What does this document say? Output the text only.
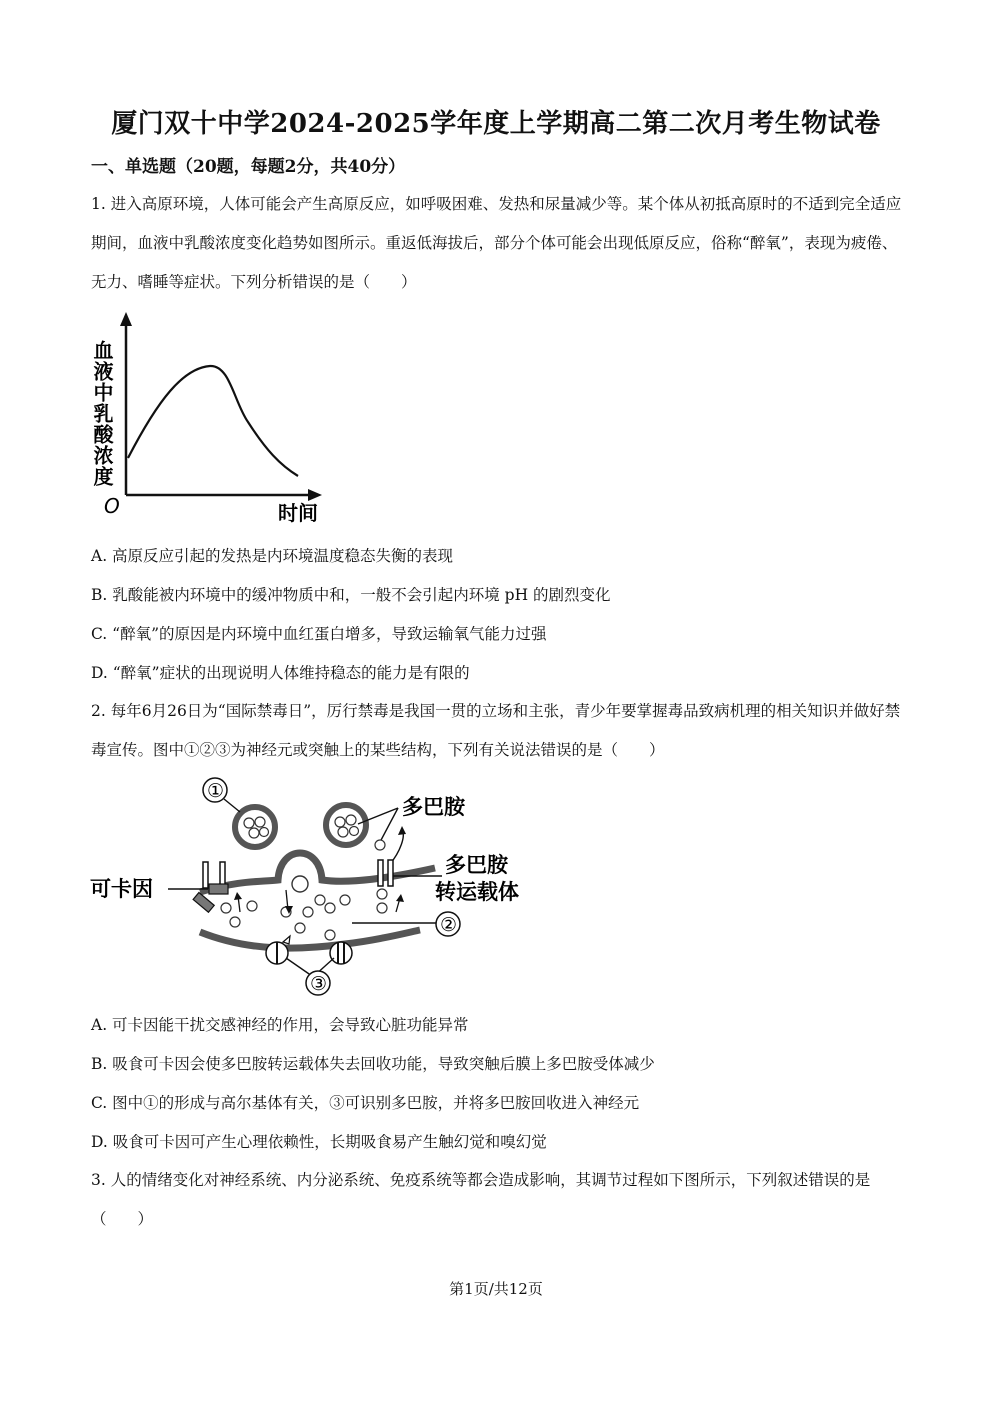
厦门双十中学2024-2025学年度上学期高二第二次月考生物试卷
一、单选题（20题，每题2分，共40分）
1. 进入高原环境，人体可能会产生高原反应，如呼吸困难、发热和尿量减少等。某个体从初抵高原时的不适到完全适应期间，血液中乳酸浓度变化趋势如图所示。重返低海拔后，部分个体可能会出现低原反应，俗称“醉氧”，表现为疲倦、无力、嗜睡等症状。下列分析错误的是（　　）
血液中乳酸浓度
O	时间
A. 高原反应引起的发热是内环境温度稳态失衡的表现
B. 乳酸能被内环境中的缓冲物质中和，一般不会引起内环境 pH 的剧烈变化
C. “醉氧”的原因是内环境中血红蛋白增多，导致运输氧气能力过强
D. “醉氧”症状的出现说明人体维持稳态的能力是有限的
2. 每年6月26日为“国际禁毒日”，厉行禁毒是我国一贯的立场和主张，青少年要掌握毒品致病机理的相关知识并做好禁毒宣传。图中①②③为神经元或突触上的某些结构，下列有关说法错误的是（　　）
①
多巴胺
多巴胺
转运载体
可卡因
②
③
A. 可卡因能干扰交感神经的作用，会导致心脏功能异常
B. 吸食可卡因会使多巴胺转运载体失去回收功能，导致突触后膜上多巴胺受体减少
C. 图中①的形成与高尔基体有关，③可识别多巴胺，并将多巴胺回收进入神经元
D. 吸食可卡因可产生心理依赖性，长期吸食易产生触幻觉和嗅幻觉
3. 人的情绪变化对神经系统、内分泌系统、免疫系统等都会造成影响，其调节过程如下图所示，下列叙述错误的是（　　）
第1页/共12页
